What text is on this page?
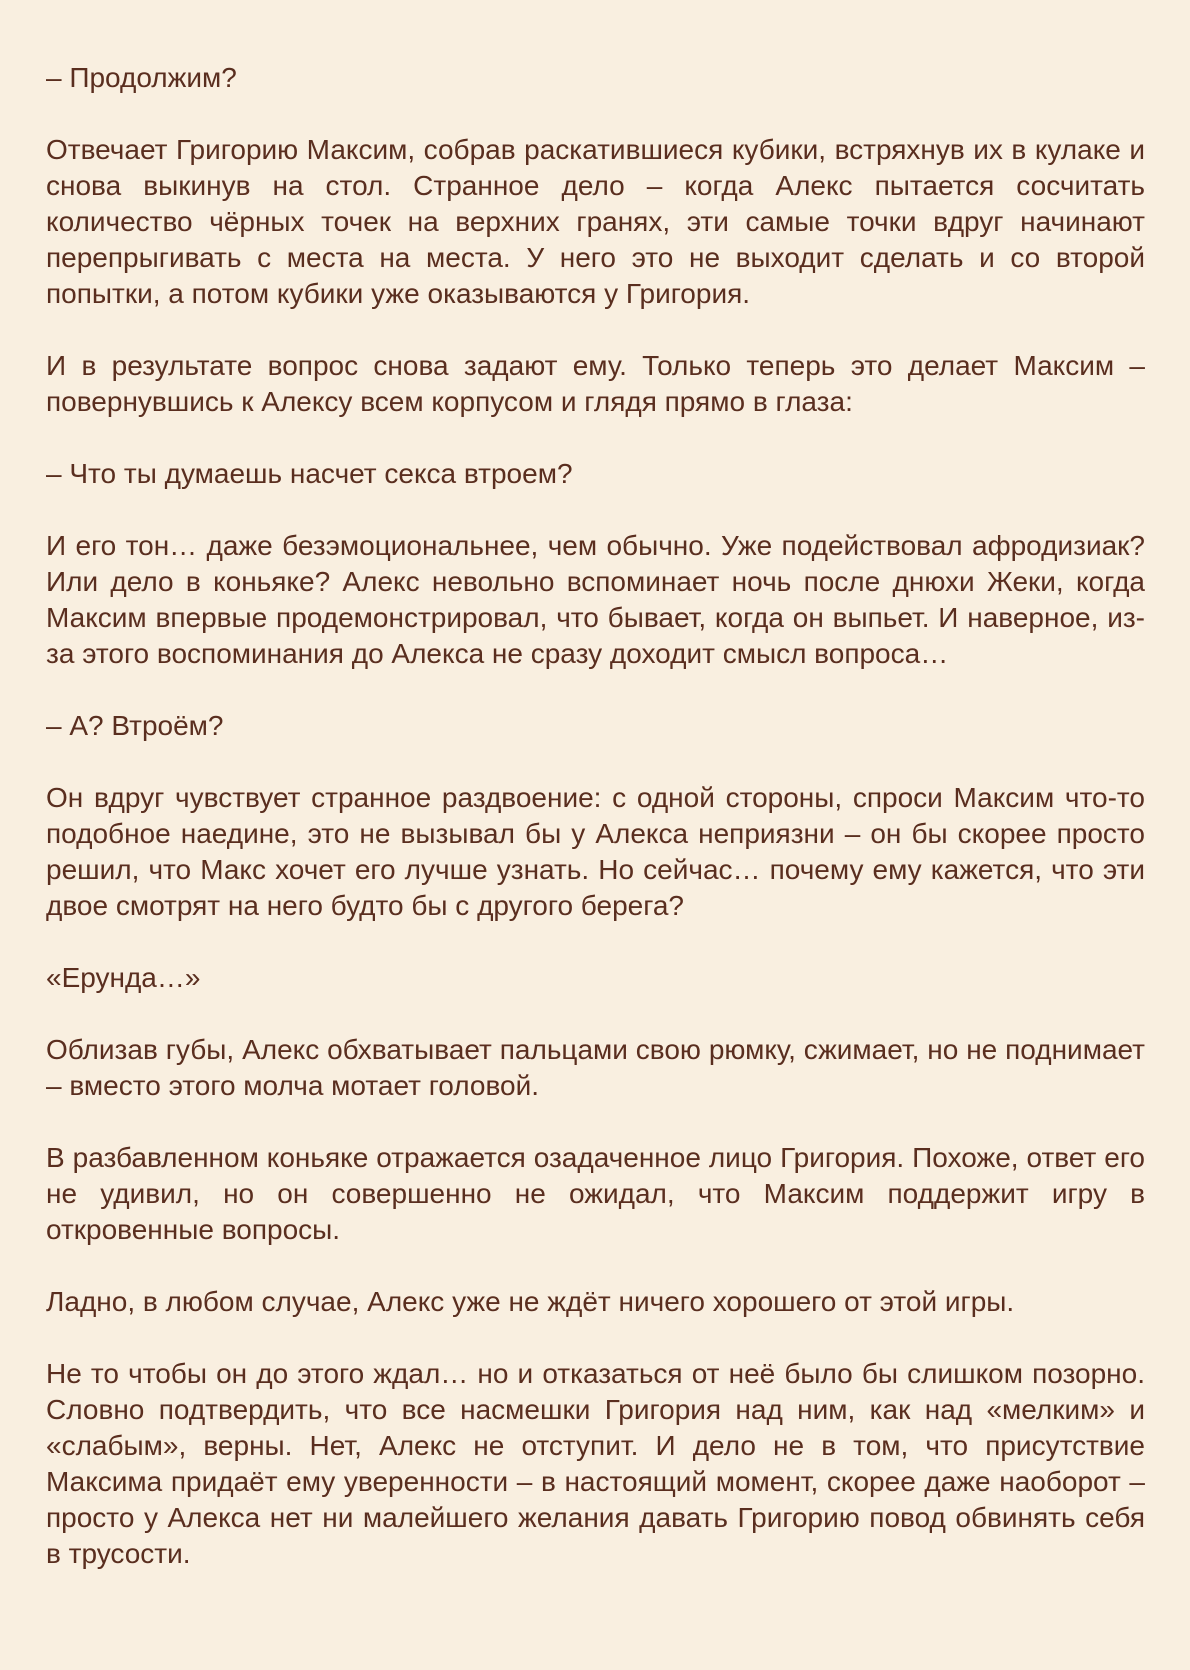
– Продолжим?

Отвечает Григорию Максим, собрав раскатившиеся кубики, встряхнув их в кулаке и снова выкинув на стол. Странное дело – когда Алекс пытается сосчитать количество чёрных точек на верхних гранях, эти самые точки вдруг начинают перепрыгивать с места на места. У него это не выходит сделать и со второй попытки, а потом кубики уже оказываются у Григория.

И в результате вопрос снова задают ему. Только теперь это делает Максим – повернувшись к Алексу всем корпусом и глядя прямо в глаза:

– Что ты думаешь насчет секса втроем?

И его тон… даже безэмоциональнее, чем обычно. Уже подействовал афродизиак? Или дело в коньяке? Алекс невольно вспоминает ночь после днюхи Жеки, когда Максим впервые продемонстрировал, что бывает, когда он выпьет. И наверное, из-за этого воспоминания до Алекса не сразу доходит смысл вопроса…

– А? Втроём?

Он вдруг чувствует странное раздвоение: с одной стороны, спроси Максим что-то подобное наедине, это не вызывал бы у Алекса неприязни – он бы скорее просто решил, что Макс хочет его лучше узнать. Но сейчас… почему ему кажется, что эти двое смотрят на него будто бы с другого берега?

«Ерунда…»

Облизав губы, Алекс обхватывает пальцами свою рюмку, сжимает, но не поднимает – вместо этого молча мотает головой.

В разбавленном коньяке отражается озадаченное лицо Григория. Похоже, ответ его не удивил, но он совершенно не ожидал, что Максим поддержит игру в откровенные вопросы.

Ладно, в любом случае, Алекс уже не ждёт ничего хорошего от этой игры.

Не то чтобы он до этого ждал… но и отказаться от неё было бы слишком позорно. Словно подтвердить, что все насмешки Григория над ним, как над «мелким» и «слабым», верны. Нет, Алекс не отступит. И дело не в том, что присутствие Максима придаёт ему уверенности – в настоящий момент, скорее даже наоборот – просто у Алекса нет ни малейшего желания давать Григорию повод обвинять себя в трусости.
